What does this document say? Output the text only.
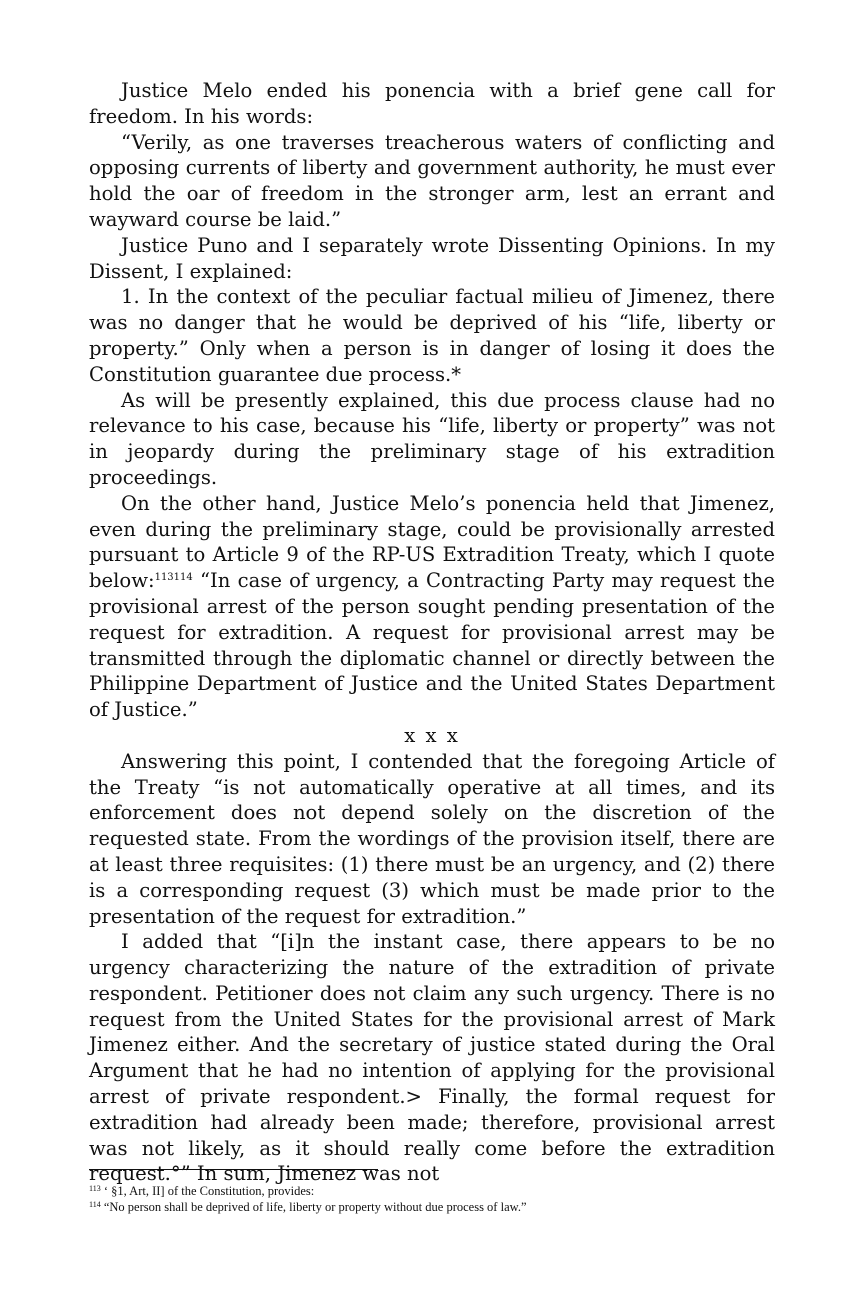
Justice Melo ended his ponencia with a brief gene call for freedom. In his words:

“Verily, as one traverses treacherous waters of conflicting and opposing currents of liberty and government authority, he must ever hold the oar of freedom in the stronger arm, lest an errant and wayward course be laid.”

Justice Puno and I separately wrote Dissenting Opinions. In my Dissent, I explained:

1. In the context of the peculiar factual milieu of Jimenez, there was no danger that he would be deprived of his “life, liberty or property.” Only when a person is in danger of losing it does the Constitution guarantee due process.*

As will be presently explained, this due process clause had no relevance to his case, because his “life, liberty or property” was not in jeopardy during the preliminary stage of his extradition proceedings.

On the other hand, Justice Melo’s ponencia held that Jimenez, even during the preliminary stage, could be provisionally arrested pursuant to Article 9 of the RP-US Extradition Treaty, which I quote below:$^{113114}$ “In case of urgency, a Contracting Party may request the provisional arrest of the person sought pending presentation of the request for extradition. A request for provisional arrest may be transmitted through the diplomatic channel or directly between the Philippine Department of Justice and the United States Department of Justice.”

x x x

Answering this point, I contended that the foregoing Article of the Treaty “is not automatically operative at all times, and its enforcement does not depend solely on the discretion of the requested state. From the wordings of the provision itself, there are at least three requisites: (1) there must be an urgency, and (2) there is a corresponding request (3) which must be made prior to the presentation of the request for extradition.”

I added that “[i]n the instant case, there appears to be no urgency characterizing the nature of the extradition of private respondent. Petitioner does not claim any such urgency. There is no request from the United States for the provisional arrest of Mark Jimenez either. And the secretary of justice stated during the Oral Argument that he had no intention of applying for the provisional arrest of private respondent.> Finally, the formal request for extradition had already been made; therefore, provisional arrest was not likely, as it should really come before the extradition request.°” In sum, Jimenez was not

$^{113}$ ‘ §1, Art, II] of the Constitution, provides:

$^{114}$ “No person shall be deprived of life, liberty or property without due process of law.”
